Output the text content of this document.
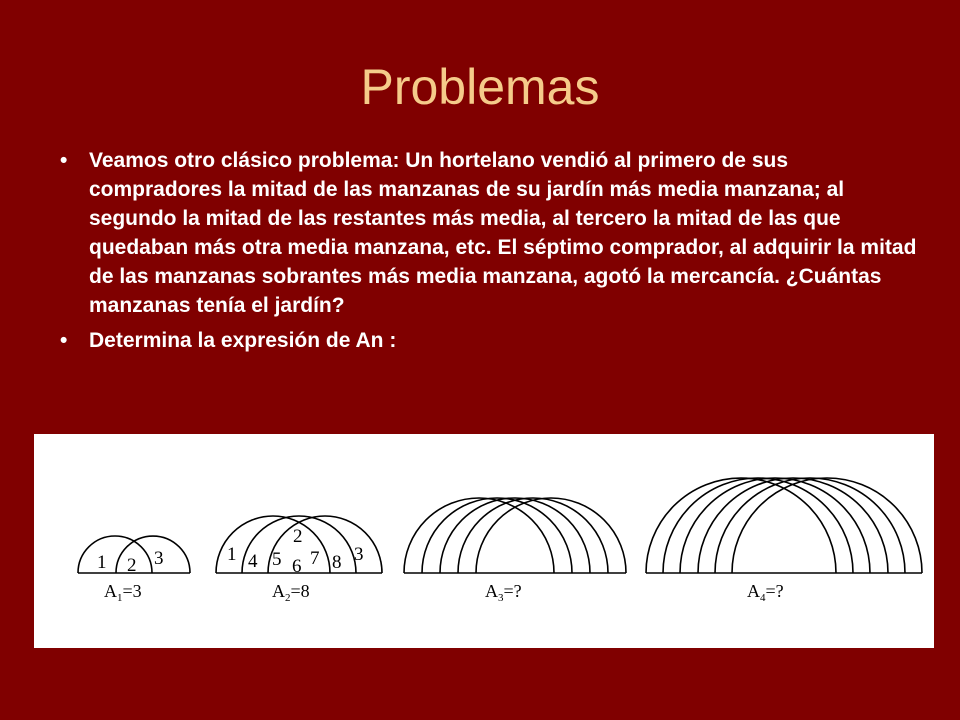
Problemas
• Veamos otro clásico problema: Un hortelano vendió al primero de sus compradores la mitad de las manzanas de su jardín más media manzana; al segundo la mitad de las restantes más media, al tercero la mitad de las que quedaban más otra media manzana, etc. El séptimo comprador, al adquirir la mitad de las manzanas sobrantes más media manzana, agotó la mercancía. ¿Cuántas manzanas tenía el jardín?
• Determina la expresión de An :
1 2 3	1
2
3
4 5 6 7 8
$A_1=3$	$A_2=8$	$A_3=$?	$A_4=$?
